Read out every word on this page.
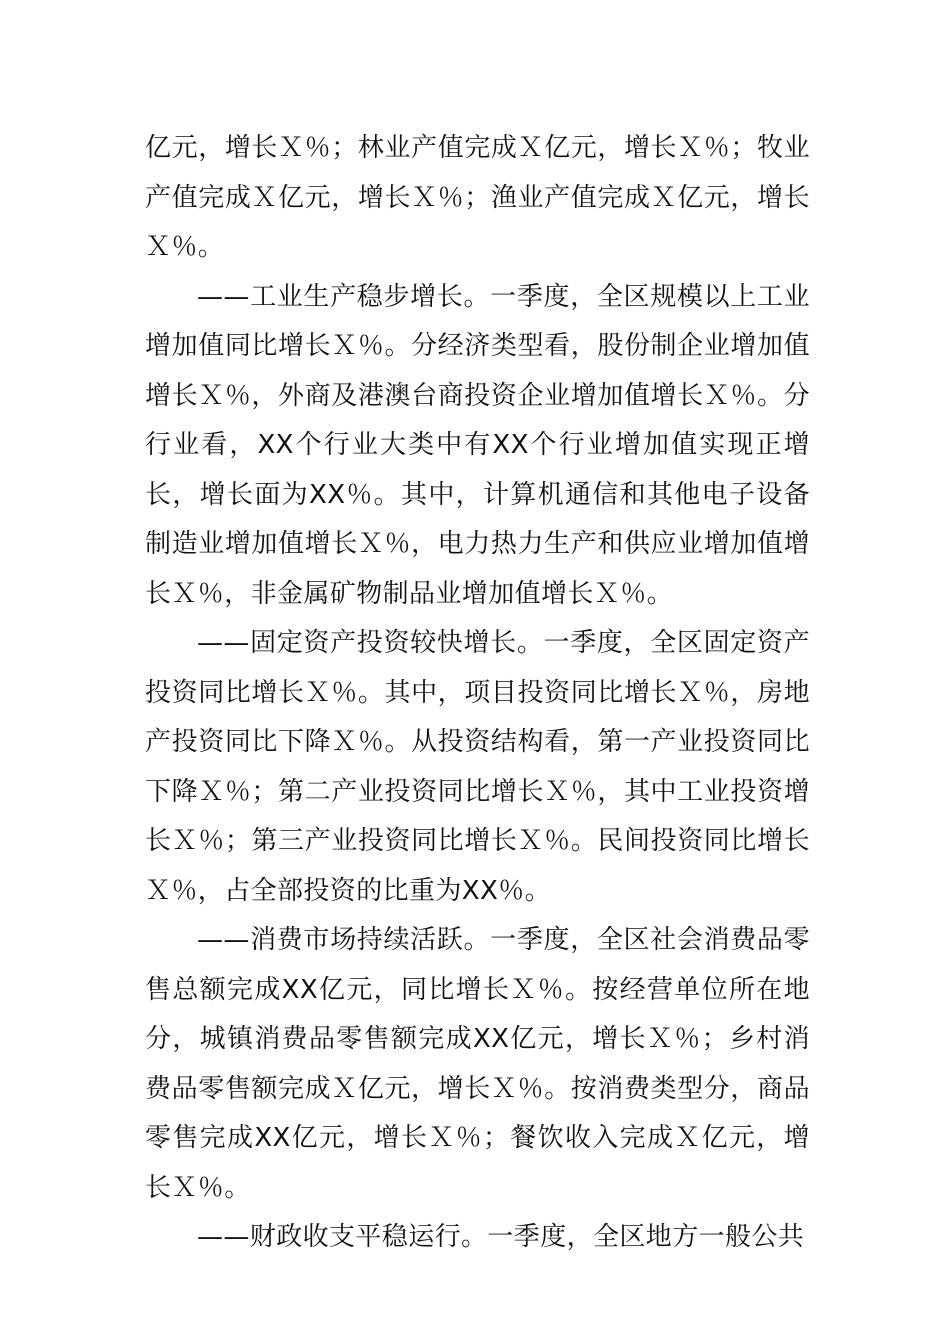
亿元，增长Ｘ％；林业产值完成Ｘ亿元，增长Ｘ％；牧业产值完成Ｘ亿元，增长Ｘ％；渔业产值完成Ｘ亿元，增长Ｘ％。

——工业生产稳步增长。一季度，全区规模以上工业增加值同比增长Ｘ％。分经济类型看，股份制企业增加值增长Ｘ％，外商及港澳台商投资企业增加值增长Ｘ％。分行业看，XX个行业大类中有XX个行业增加值实现正增长，增长面为XX％。其中，计算机通信和其他电子设备制造业增加值增长Ｘ％，电力热力生产和供应业增加值增长Ｘ％，非金属矿物制品业增加值增长Ｘ％。

——固定资产投资较快增长。一季度，全区固定资产投资同比增长Ｘ％。其中，项目投资同比增长Ｘ％，房地产投资同比下降Ｘ％。从投资结构看，第一产业投资同比下降Ｘ％；第二产业投资同比增长Ｘ％，其中工业投资增长Ｘ％；第三产业投资同比增长Ｘ％。民间投资同比增长Ｘ％，占全部投资的比重为XX％。

——消费市场持续活跃。一季度，全区社会消费品零售总额完成XX亿元，同比增长Ｘ％。按经营单位所在地分，城镇消费品零售额完成XX亿元，增长Ｘ％；乡村消费品零售额完成Ｘ亿元，增长Ｘ％。按消费类型分，商品零售完成XX亿元，增长Ｘ％；餐饮收入完成Ｘ亿元，增长Ｘ％。

——财政收支平稳运行。一季度，全区地方一般公共
